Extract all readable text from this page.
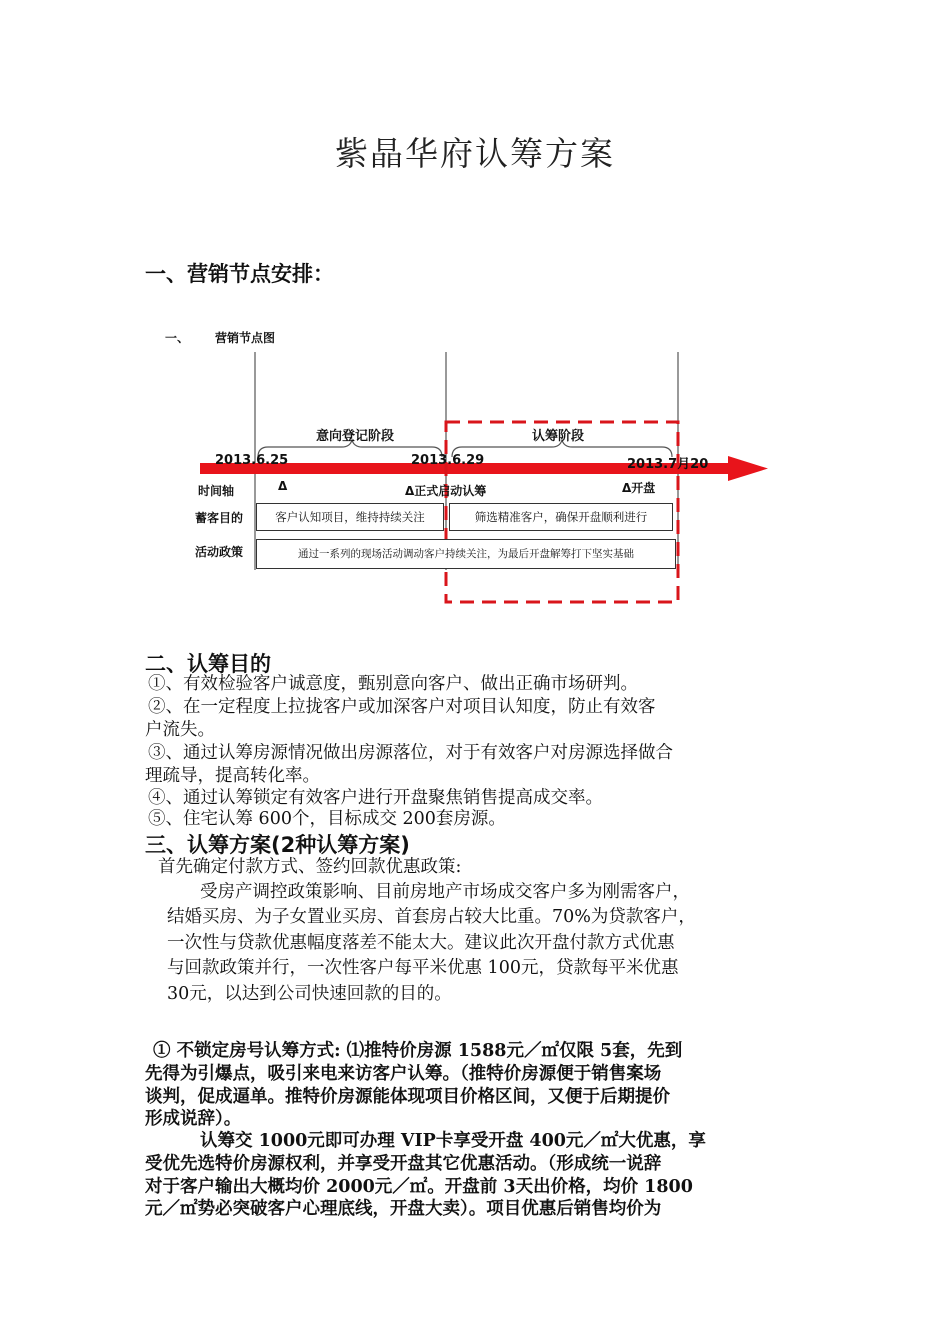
紫晶华府认筹方案
一、营销节点安排：
一、 营销节点图
意向登记阶段	认筹阶段
2013.6.25	2013.6.29	2013.7月20
时间轴	Δ	Δ正式启动认筹	Δ开盘
蓄客目的	客户认知项目，维持持续关注	筛选精准客户，确保开盘顺利进行
活动政策	通过一系列的现场活动调动客户持续关注，为最后开盘解筹打下坚实基础
二、认筹目的
①、有效检验客户诚意度，甄别意向客户、做出正确市场研判。
②、在一定程度上拉拢客户或加深客户对项目认知度，防止有效客
户流失。
③、通过认筹房源情况做出房源落位，对于有效客户对房源选择做合
理疏导，提高转化率。
④、通过认筹锁定有效客户进行开盘聚焦销售提高成交率。
⑤、住宅认筹 600个，目标成交 200套房源。
三、认筹方案(2种认筹方案)
首先确定付款方式、签约回款优惠政策:
受房产调控政策影响、目前房地产市场成交客户多为刚需客户，
结婚买房、为子女置业买房、首套房占较大比重。70%为贷款客户，
一次性与贷款优惠幅度落差不能太大。建议此次开盘付款方式优惠
与回款政策并行，一次性客户每平米优惠 100元，贷款每平米优惠
30元，以达到公司快速回款的目的。
① 不锁定房号认筹方式: ⑴推特价房源 1588元／㎡仅限 5套，先到
先得为引爆点，吸引来电来访客户认筹。（推特价房源便于销售案场
谈判，促成逼单。推特价房源能体现项目价格区间，又便于后期提价
形成说辞）。
认筹交 1000元即可办理 VIP卡享受开盘 400元／㎡大优惠，享
受优先选特价房源权利，并享受开盘其它优惠活动。（形成统一说辞
对于客户输出大概均价 2000元／㎡。开盘前 3天出价格，均价 1800
元／㎡势必突破客户心理底线，开盘大卖）。项目优惠后销售均价为
